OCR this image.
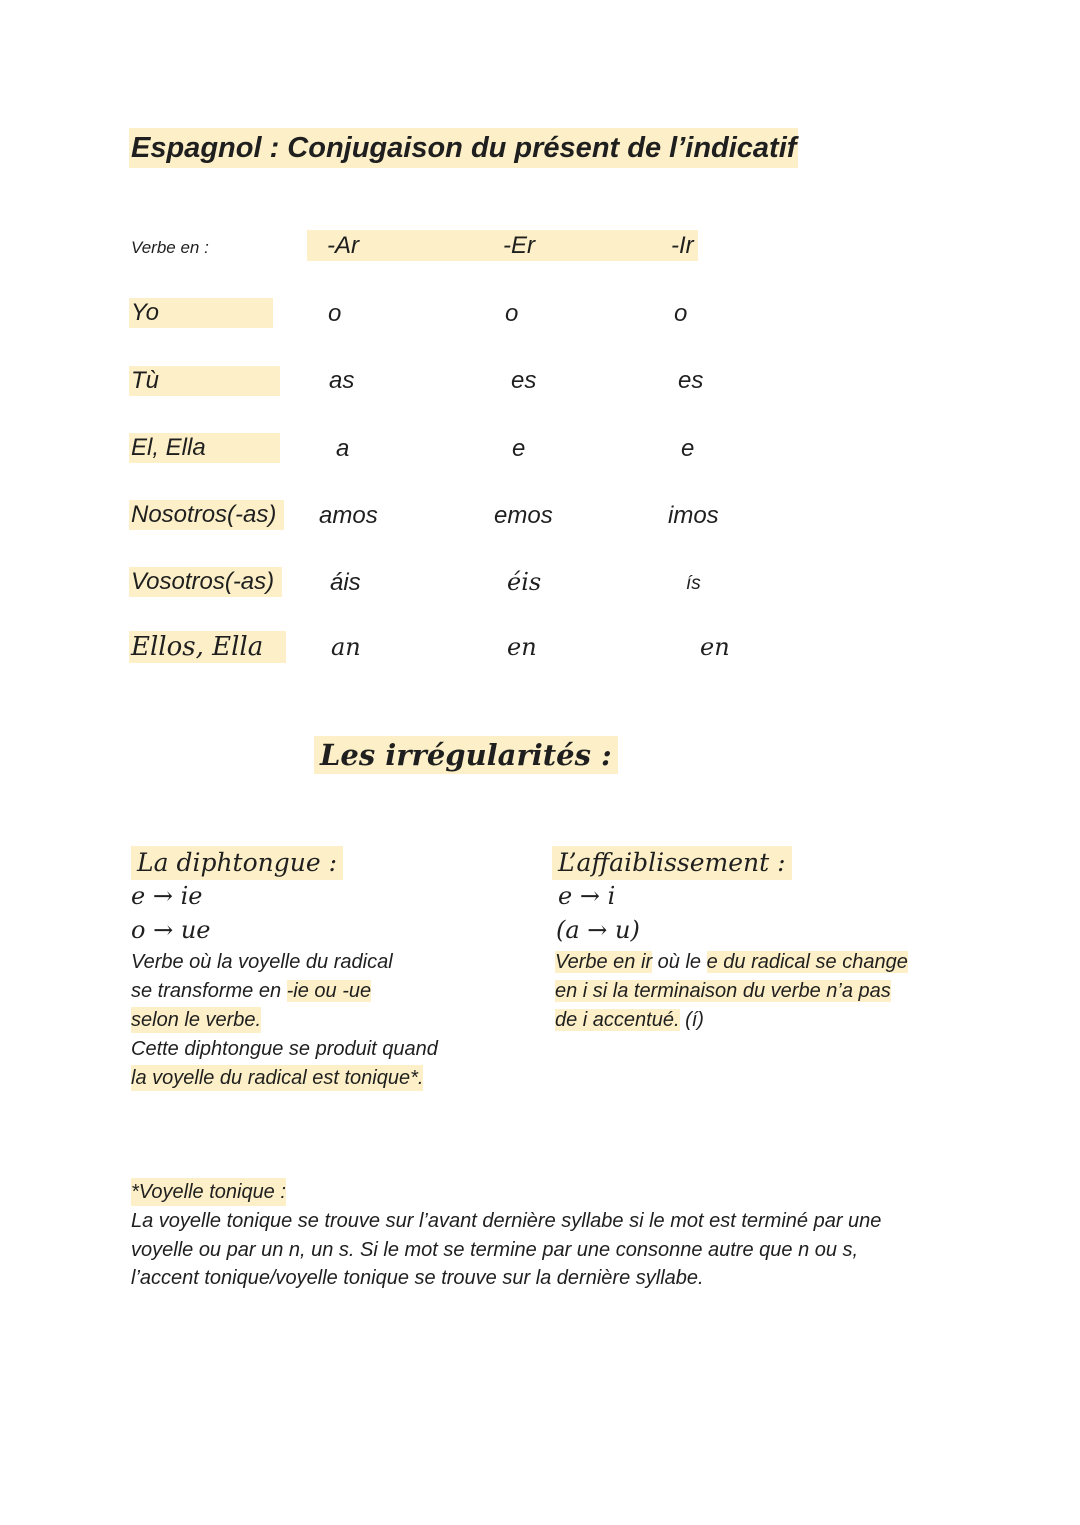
Espagnol : Conjugaison du présent de l’indicatif
Verbe en :	-Ar	-Er	-Ir
Yo	o	o	o
Tù	as	es	es
El, Ella	a	e	e
Nosotros(-as)	amos	emos	imos
Vosotros(-as)	áis	éis	ís
Ellos, Ella	an	en	en
Les irrégularités :
La diphtongue :
e → ie
o → ue
Verbe où la voyelle du radical
se transforme en -ie ou -ue
selon le verbe.
Cette diphtongue se produit quand
la voyelle du radical est tonique*.
L’affaiblissement :
e → i
(a → u)
Verbe en ir où le e du radical se change
en i si la terminaison du verbe n’a pas
de i accentué. (í)
*Voyelle tonique :
La voyelle tonique se trouve sur l’avant dernière syllabe si le mot est terminé par une
voyelle ou par un n, un s. Si le mot se termine par une consonne autre que n ou s,
l’accent tonique/voyelle tonique se trouve sur la dernière syllabe.
